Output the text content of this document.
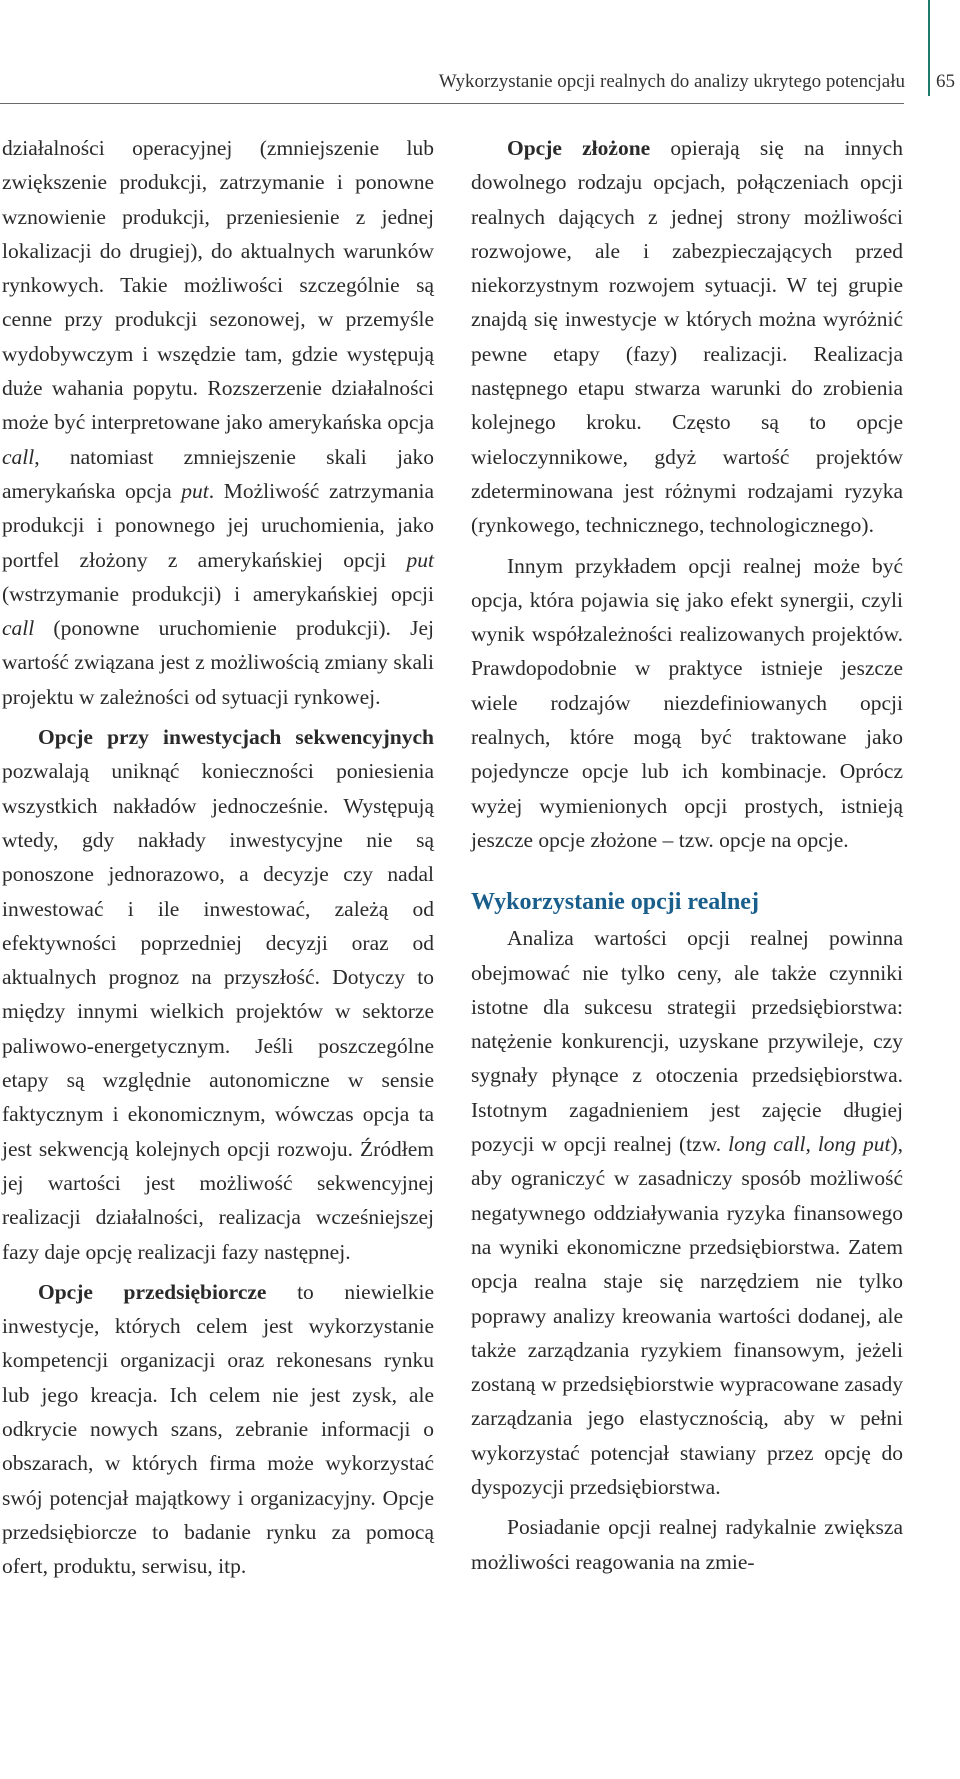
Wykorzystanie opcji realnych do analizy ukrytego potencjału 65

działalności operacyjnej (zmniejszenie lub zwiększenie produkcji, zatrzymanie i ponowne wznowienie produkcji, przeniesienie z jednej lokalizacji do drugiej), do aktualnych warunków rynkowych. Takie możliwości szczególnie są cenne przy produkcji sezonowej, w przemyśle wydobywczym i wszędzie tam, gdzie występują duże wahania popytu. Rozszerzenie działalności może być interpretowane jako amerykańska opcja call, natomiast zmniejszenie skali jako amerykańska opcja put. Możliwość zatrzymania produkcji i ponownego jej uruchomienia, jako portfel złożony z amerykańskiej opcji put (wstrzymanie produkcji) i amerykańskiej opcji call (ponowne uruchomienie produkcji). Jej wartość związana jest z możliwością zmiany skali projektu w zależności od sytuacji rynkowej.

Opcje przy inwestycjach sekwencyjnych pozwalają uniknąć konieczności poniesienia wszystkich nakładów jednocześnie. Występują wtedy, gdy nakłady inwestycyjne nie są ponoszone jednorazowo, a decyzje czy nadal inwestować i ile inwestować, zależą od efektywności poprzedniej decyzji oraz od aktualnych prognoz na przyszłość. Dotyczy to między innymi wielkich projektów w sektorze paliwowo-energetycznym. Jeśli poszczególne etapy są względnie autonomiczne w sensie faktycznym i ekonomicznym, wówczas opcja ta jest sekwencją kolejnych opcji rozwoju. Źródłem jej wartości jest możliwość sekwencyjnej realizacji działalności, realizacja wcześniejszej fazy daje opcję realizacji fazy następnej.

Opcje przedsiębiorcze to niewielkie inwestycje, których celem jest wykorzystanie kompetencji organizacji oraz rekonesans rynku lub jego kreacja. Ich celem nie jest zysk, ale odkrycie nowych szans, zebranie informacji o obszarach, w których firma może wykorzystać swój potencjał majątkowy i organizacyjny. Opcje przedsiębiorcze to badanie rynku za pomocą ofert, produktu, serwisu, itp.

Opcje złożone opierają się na innych dowolnego rodzaju opcjach, połączeniach opcji realnych dających z jednej strony możliwości rozwojowe, ale i zabezpieczających przed niekorzystnym rozwojem sytuacji. W tej grupie znajdą się inwestycje w których można wyróżnić pewne etapy (fazy) realizacji. Realizacja następnego etapu stwarza warunki do zrobienia kolejnego kroku. Często są to opcje wieloczynnikowe, gdyż wartość projektów zdeterminowana jest różnymi rodzajami ryzyka (rynkowego, technicznego, technologicznego).

Innym przykładem opcji realnej może być opcja, która pojawia się jako efekt synergii, czyli wynik współzależności realizowanych projektów. Prawdopodobnie w praktyce istnieje jeszcze wiele rodzajów niezdefiniowanych opcji realnych, które mogą być traktowane jako pojedyncze opcje lub ich kombinacje. Oprócz wyżej wymienionych opcji prostych, istnieją jeszcze opcje złożone – tzw. opcje na opcje.

Wykorzystanie opcji realnej

Analiza wartości opcji realnej powinna obejmować nie tylko ceny, ale także czynniki istotne dla sukcesu strategii przedsiębiorstwa: natężenie konkurencji, uzyskane przywileje, czy sygnały płynące z otoczenia przedsiębiorstwa. Istotnym zagadnieniem jest zajęcie długiej pozycji w opcji realnej (tzw. long call, long put), aby ograniczyć w zasadniczy sposób możliwość negatywnego oddziaływania ryzyka finansowego na wyniki ekonomiczne przedsiębiorstwa. Zatem opcja realna staje się narzędziem nie tylko poprawy analizy kreowania wartości dodanej, ale także zarządzania ryzykiem finansowym, jeżeli zostaną w przedsiębiorstwie wypracowane zasady zarządzania jego elastycznością, aby w pełni wykorzystać potencjał stawiany przez opcję do dyspozycji przedsiębiorstwa.

Posiadanie opcji realnej radykalnie zwiększa możliwości reagowania na zmie-
